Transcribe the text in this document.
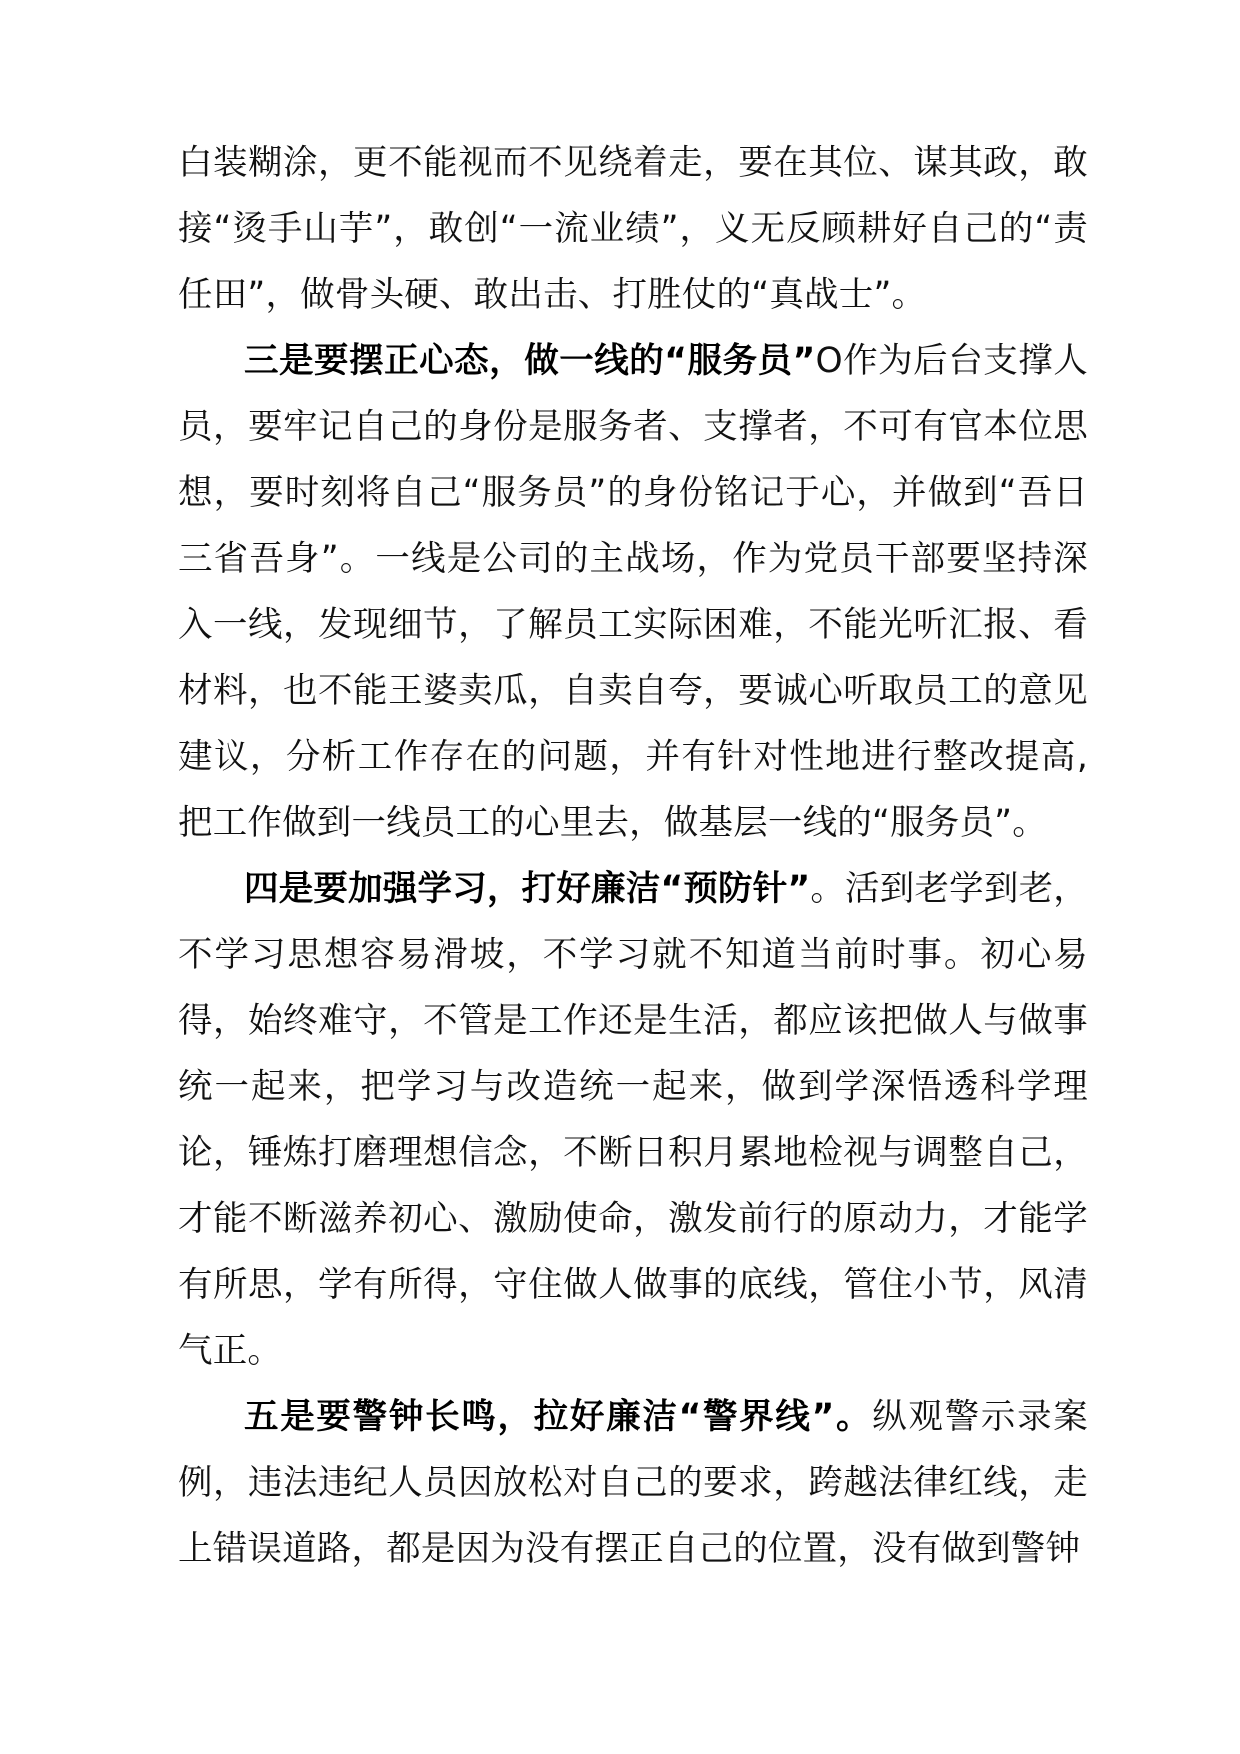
白装糊涂，更不能视而不见绕着走，要在其位、谋其政，敢接“烫手山芋”，敢创“一流业绩”，义无反顾耕好自己的“责任田”，做骨头硬、敢出击、打胜仗的“真战士”。

三是要摆正心态，做一线的“服务员”O作为后台支撑人员，要牢记自己的身份是服务者、支撑者，不可有官本位思想，要时刻将自己“服务员”的身份铭记于心，并做到“吾日三省吾身”。一线是公司的主战场，作为党员干部要坚持深入一线，发现细节，了解员工实际困难，不能光听汇报、看材料，也不能王婆卖瓜，自卖自夸，要诚心听取员工的意见建议，分析工作存在的问题，并有针对性地进行整改提高,把工作做到一线员工的心里去，做基层一线的“服务员”。

四是要加强学习，打好廉洁“预防针”。活到老学到老，不学习思想容易滑坡，不学习就不知道当前时事。初心易得，始终难守，不管是工作还是生活，都应该把做人与做事统一起来，把学习与改造统一起来，做到学深悟透科学理论，锤炼打磨理想信念，不断日积月累地检视与调整自己，才能不断滋养初心、激励使命，激发前行的原动力，才能学有所思，学有所得，守住做人做事的底线，管住小节，风清气正。

五是要警钟长鸣，拉好廉洁“警界线”。纵观警示录案例，违法违纪人员因放松对自己的要求，跨越法律红线，走上错误道路，都是因为没有摆正自己的位置，没有做到警钟
